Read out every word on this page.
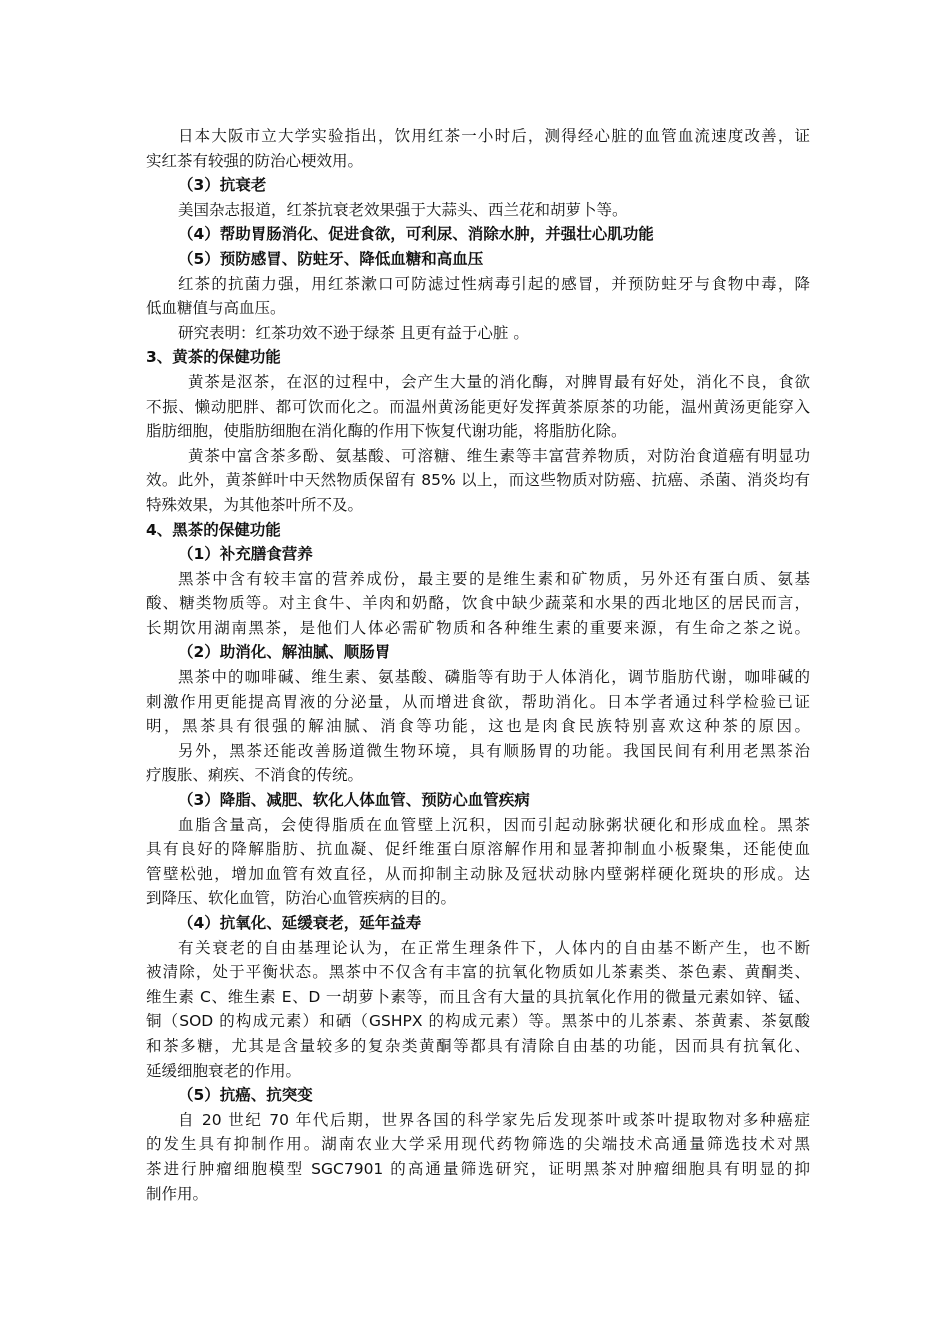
日本大阪市立大学实验指出，饮用红茶一小时后，测得经心脏的血管血流速度改善，证
实红茶有较强的防治心梗效用。
（3）抗衰老
美国杂志报道，红茶抗衰老效果强于大蒜头、西兰花和胡萝卜等。
（4）帮助胃肠消化、促进食欲，可利尿、消除水肿，并强壮心肌功能
（5）预防感冒、防蛀牙、降低血糖和高血压
红茶的抗菌力强，用红茶漱口可防滤过性病毒引起的感冒，并预防蛀牙与食物中毒，降
低血糖值与高血压。
研究表明：红茶功效不逊于绿茶 且更有益于心脏 。
3、黄茶的保健功能
黄茶是沤茶，在沤的过程中，会产生大量的消化酶，对脾胃最有好处，消化不良，食欲
不振、懒动肥胖、都可饮而化之。而温州黄汤能更好发挥黄茶原茶的功能，温州黄汤更能穿入
脂肪细胞，使脂肪细胞在消化酶的作用下恢复代谢功能，将脂肪化除。
黄茶中富含茶多酚、氨基酸、可溶糖、维生素等丰富营养物质，对防治食道癌有明显功
效。此外，黄茶鲜叶中天然物质保留有 85% 以上，而这些物质对防癌、抗癌、杀菌、消炎均有
特殊效果，为其他茶叶所不及。
4、黑茶的保健功能
（1）补充膳食营养
黑茶中含有较丰富的营养成份，最主要的是维生素和矿物质，另外还有蛋白质、氨基
酸、糖类物质等。对主食牛、羊肉和奶酪，饮食中缺少蔬菜和水果的西北地区的居民而言，
长期饮用湖南黑茶，是他们人体必需矿物质和各种维生素的重要来源，有生命之茶之说。
（2）助消化、解油腻、顺肠胃
黑茶中的咖啡碱、维生素、氨基酸、磷脂等有助于人体消化，调节脂肪代谢，咖啡碱的
刺激作用更能提高胃液的分泌量，从而增进食欲，帮助消化。日本学者通过科学检验已证
明，黑茶具有很强的解油腻、消食等功能，这也是肉食民族特别喜欢这种茶的原因。
另外，黑茶还能改善肠道微生物环境，具有顺肠胃的功能。我国民间有利用老黑茶治
疗腹胀、痢疾、不消食的传统。
（3）降脂、减肥、软化人体血管、预防心血管疾病
血脂含量高，会使得脂质在血管壁上沉积，因而引起动脉粥状硬化和形成血栓。黑茶
具有良好的降解脂肪、抗血凝、促纤维蛋白原溶解作用和显著抑制血小板聚集，还能使血
管壁松弛，增加血管有效直径，从而抑制主动脉及冠状动脉内壁粥样硬化斑块的形成。达
到降压、软化血管，防治心血管疾病的目的。
（4）抗氧化、延缓衰老，延年益寿
有关衰老的自由基理论认为，在正常生理条件下，人体内的自由基不断产生，也不断
被清除，处于平衡状态。黑茶中不仅含有丰富的抗氧化物质如儿茶素类、茶色素、黄酮类、
维生素 C、维生素 E、D 一胡萝卜素等，而且含有大量的具抗氧化作用的微量元素如锌、锰、
铜（SOD 的构成元素）和硒（GSHPX 的构成元素）等。黑茶中的儿茶素、茶黄素、茶氨酸
和茶多糖，尤其是含量较多的复杂类黄酮等都具有清除自由基的功能，因而具有抗氧化、
延缓细胞衰老的作用。
（5）抗癌、抗突变
自 20 世纪 70 年代后期，世界各国的科学家先后发现茶叶或茶叶提取物对多种癌症
的发生具有抑制作用。湖南农业大学采用现代药物筛选的尖端技术高通量筛选技术对黑
茶进行肿瘤细胞模型 SGC7901 的高通量筛选研究，证明黑茶对肿瘤细胞具有明显的抑
制作用。
